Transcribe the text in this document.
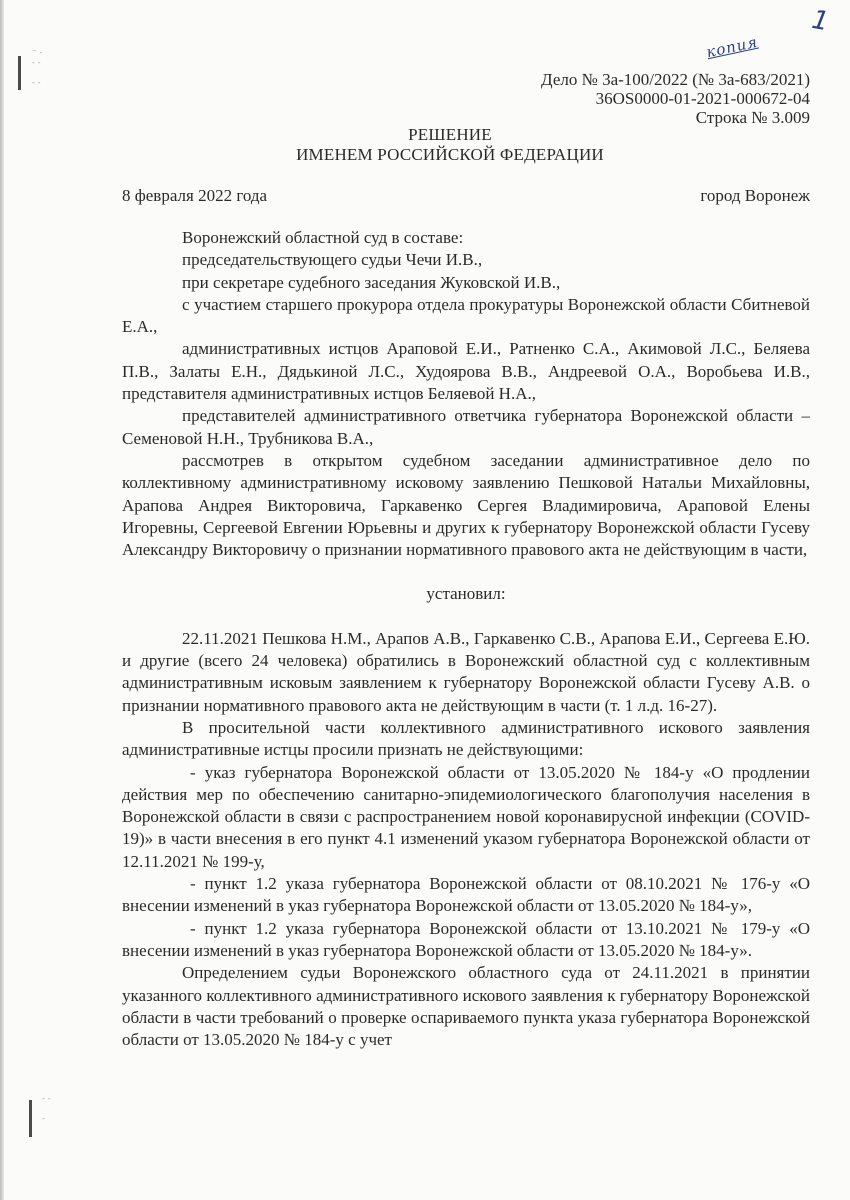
⁻ ˗
˗ ˗

˗ ˗
˗ ˗

˗
1
копия
Дело № 3а-100/2022 (№ 3а-683/2021)
36OS0000-01-2021-000672-04
Строка № 3.009
РЕШЕНИЕ
ИМЕНЕМ РОССИЙСКОЙ ФЕДЕРАЦИИ
8 февраля 2022 года	город Воронеж

Воронежский областной суд в составе:

председательствующего судьи Чечи И.В.,

при секретаре судебного заседания Жуковской И.В.,

с участием старшего прокурора отдела прокуратуры Воронежской области Сбитневой Е.А.,

административных истцов Араповой Е.И., Ратненко С.А., Акимовой Л.С., Беляева П.В., Залаты Е.Н., Дядькиной Л.С., Худоярова В.В., Андреевой О.А., Воробьева И.В., представителя административных истцов Беляевой Н.А.,

представителей административного ответчика губернатора Воронежской области – Семеновой Н.Н., Трубникова В.А.,

рассмотрев в открытом судебном заседании административное дело по коллективному административному исковому заявлению Пешковой Натальи Михайловны, Арапова Андрея Викторовича, Гаркавенко Сергея Владимировича, Араповой Елены Игоревны, Сергеевой Евгении Юрьевны и других к губернатору Воронежской области Гусеву Александру Викторовичу о признании нормативного правового акта не действующим в части,

установил:

22.11.2021 Пешкова Н.М., Арапов А.В., Гаркавенко С.В., Арапова Е.И., Сергеева Е.Ю. и другие (всего 24 человека) обратились в Воронежский областной суд с коллективным административным исковым заявлением к губернатору Воронежской области Гусеву А.В. о признании нормативного правового акта не действующим в части (т. 1 л.д. 16-27).

В просительной части коллективного административного искового заявления административные истцы просили признать не действующими:

- указ губернатора Воронежской области от 13.05.2020 № 184-у «О продлении действия мер по обеспечению санитарно-эпидемиологического благополучия населения в Воронежской области в связи с распространением новой коронавирусной инфекции (COVID-19)» в части внесения в его пункт 4.1 изменений указом губернатора Воронежской области от 12.11.2021 № 199-у,

- пункт 1.2 указа губернатора Воронежской области от 08.10.2021 № 176-у «О внесении изменений в указ губернатора Воронежской области от 13.05.2020 № 184-у»,

- пункт 1.2 указа губернатора Воронежской области от 13.10.2021 № 179-у «О внесении изменений в указ губернатора Воронежской области от 13.05.2020 № 184-у».

Определением судьи Воронежского областного суда от 24.11.2021 в принятии указанного коллективного административного искового заявления к губернатору Воронежской области в части требований о проверке оспариваемого пункта указа губернатора Воронежской области от 13.05.2020 № 184-у с учет
